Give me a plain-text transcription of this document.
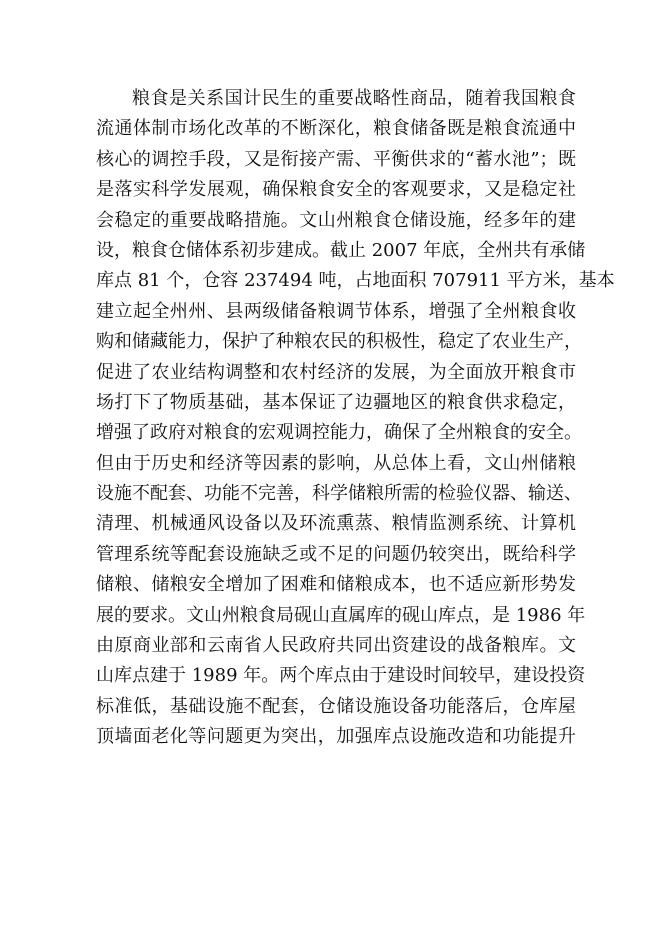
粮食是关系国计民生的重要战略性商品，随着我国粮食
流通体制市场化改革的不断深化，粮食储备既是粮食流通中
核心的调控手段，又是衔接产需、平衡供求的“蓄水池”；既
是落实科学发展观，确保粮食安全的客观要求，又是稳定社
会稳定的重要战略措施。文山州粮食仓储设施，经多年的建
设，粮食仓储体系初步建成。截止 2007 年底，全州共有承储
库点 81 个，仓容 237494 吨，占地面积 707911 平方米，基本
建立起全州州、县两级储备粮调节体系，增强了全州粮食收
购和储藏能力，保护了种粮农民的积极性，稳定了农业生产，
促进了农业结构调整和农村经济的发展，为全面放开粮食市
场打下了物质基础，基本保证了边疆地区的粮食供求稳定，
增强了政府对粮食的宏观调控能力，确保了全州粮食的安全。
但由于历史和经济等因素的影响，从总体上看，文山州储粮
设施不配套、功能不完善，科学储粮所需的检验仪器、输送、
清理、机械通风设备以及环流熏蒸、粮情监测系统、计算机
管理系统等配套设施缺乏或不足的问题仍较突出，既给科学
储粮、储粮安全增加了困难和储粮成本，也不适应新形势发
展的要求。文山州粮食局砚山直属库的砚山库点，是 1986 年
由原商业部和云南省人民政府共同出资建设的战备粮库。文
山库点建于 1989 年。两个库点由于建设时间较早，建设投资
标准低，基础设施不配套，仓储设施设备功能落后，仓库屋
顶墙面老化等问题更为突出，加强库点设施改造和功能提升
